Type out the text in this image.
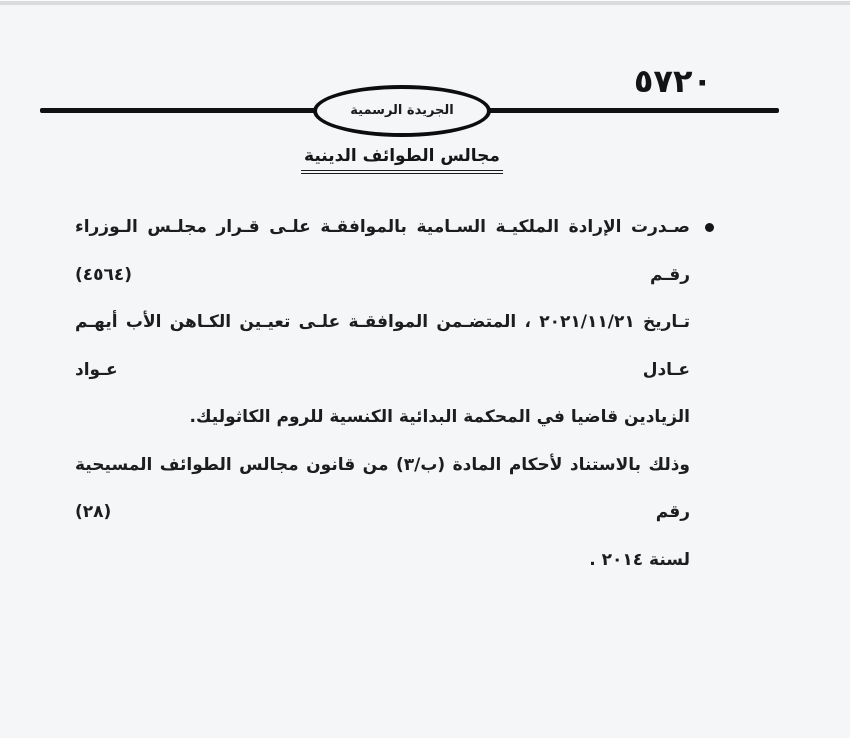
٥٧٢٠
الجريدة الرسمية
مجالس الطوائف الدينية
صـدرت الإرادة الملكيـة السـامية بالموافقـة علـى قـرار مجلـس الـوزراء رقـم (٤٥٦٤)
تـاريخ ٢٠٢١/١١/٢١ ، المتضـمن الموافقـة علـى تعيـين الكـاهن الأب أيهـم عـادل عـواد
الزيادين قاضيا في المحكمة البدائية الكنسية للروم الكاثوليك.
وذلك بالاستناد لأحكام المادة (ب/٣) من قانون مجالس الطوائف المسيحية رقم (٢٨)
لسنة ٢٠١٤ .
